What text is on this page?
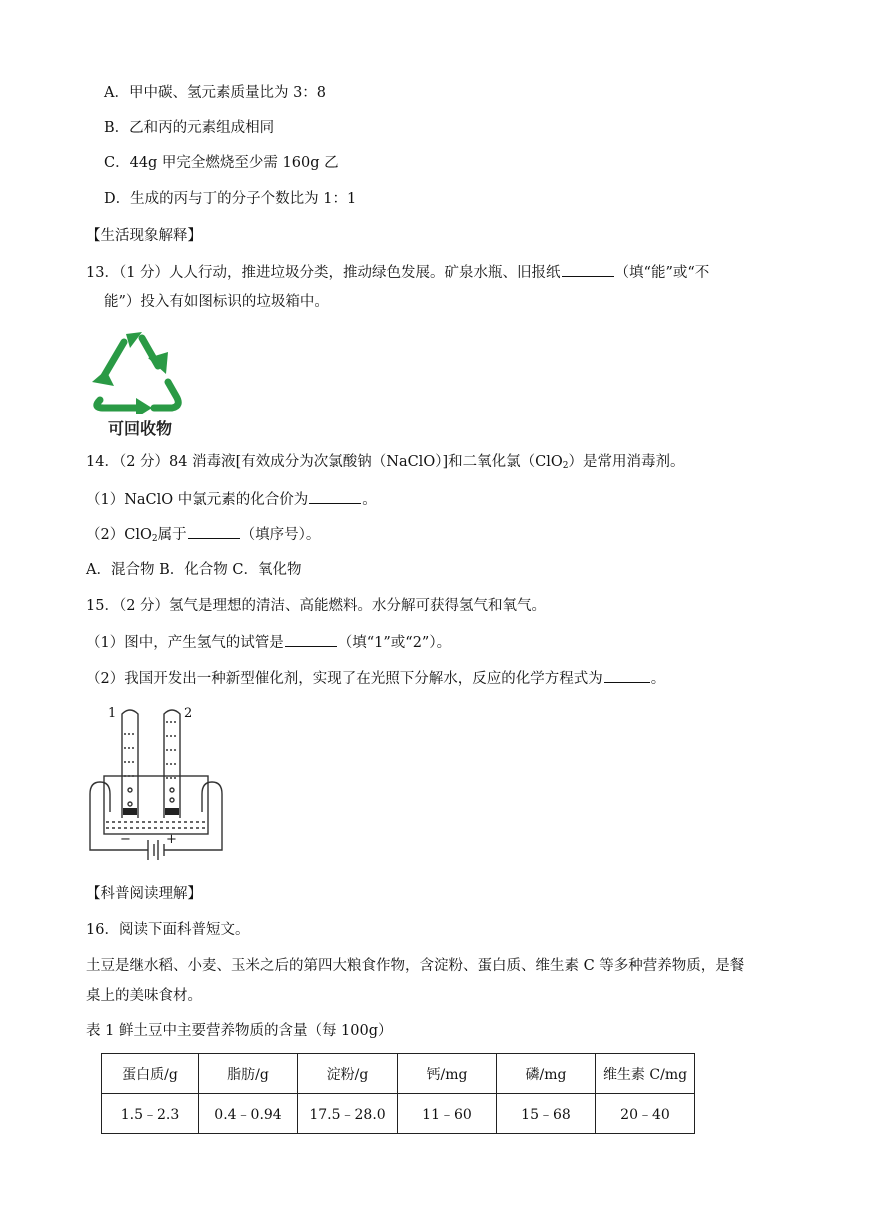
A．甲中碳、氢元素质量比为 3：8
B．乙和丙的元素组成相同
C．44g 甲完全燃烧至少需 160g 乙
D．生成的丙与丁的分子个数比为 1：1
【生活现象解释】
13．（1 分）人人行动，推进垃圾分类，推动绿色发展。矿泉水瓶、旧报纸	（填“能”或“不
能”）投入有如图标识的垃圾箱中。
可回收物
14．（2 分）84 消毒液[有效成分为次氯酸钠（NaClO）]和二氧化氯（ClO$_2$）是常用消毒剂。
（1）NaClO 中氯元素的化合价为	。
（2）ClO$_2$属于	（填序号）。
A．混合物 B．化合物 C．氧化物
15．（2 分）氢气是理想的清洁、高能燃料。水分解可获得氢气和氧气。
（1）图中，产生氢气的试管是	（填“1”或“2”）。
（2）我国开发出一种新型催化剂，实现了在光照下分解水，反应的化学方程式为	。
1	2
−	+
【科普阅读理解】
16．阅读下面科普短文。
土豆是继水稻、小麦、玉米之后的第四大粮食作物，含淀粉、蛋白质、维生素 C 等多种营养物质，是餐
桌上的美味食材。
表 1 鲜土豆中主要营养物质的含量（每 100g）
蛋白质/g	脂肪/g	淀粉/g	钙/mg	磷/mg	维生素 C/mg
1.5﹣2.3	0.4﹣0.94	17.5﹣28.0	11﹣60	15﹣68	20﹣40
